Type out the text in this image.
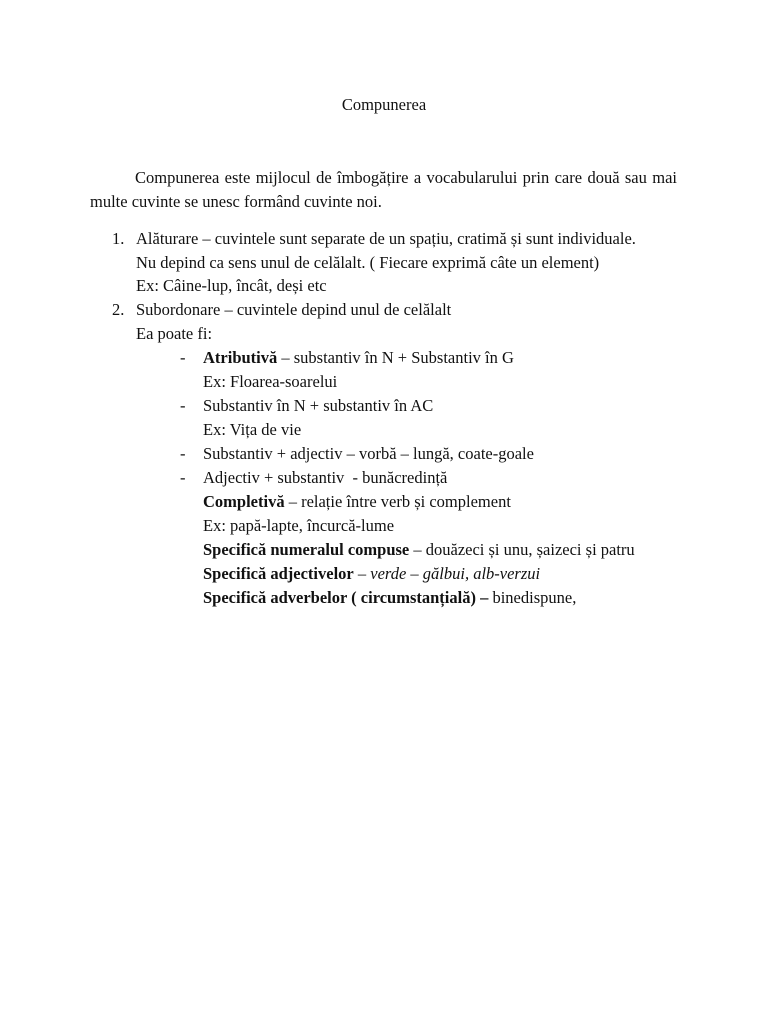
Compunerea

Compunerea este mijlocul de îmbogățire a vocabularului prin care două sau mai multe cuvinte se unesc formând cuvinte noi.

1. Alăturare – cuvintele sunt separate de un spațiu, cratimă și sunt individuale.
Nu depind ca sens unul de celălalt. ( Fiecare exprimă câte un element)
Ex: Câine-lup, încât, deși etc
2. Subordonare – cuvintele depind unul de celălalt
Ea poate fi:
- Atributivă – substantiv în N + Substantiv în G
Ex: Floarea-soarelui
- Substantiv în N + substantiv în AC
Ex: Vița de vie
- Substantiv + adjectiv – vorbă – lungă, coate-goale
- Adjectiv + substantiv  - bunăcredință
Completivă – relație între verb și complement
Ex: papă-lapte, încurcă-lume
Specifică numeralul compuse – douăzeci și unu, șaizeci și patru
Specifică adjectivelor – verde – gălbui, alb-verzui
Specifică adverbelor ( circumstanțială) – binedispune,
